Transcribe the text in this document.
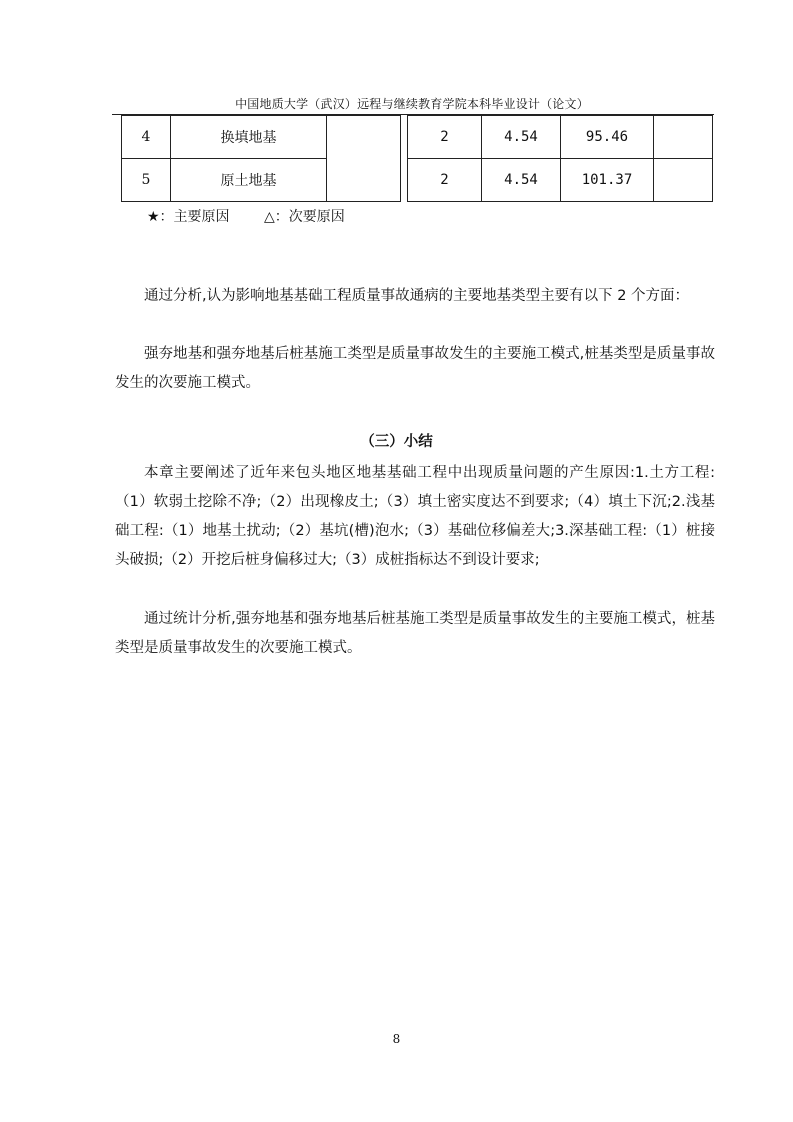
中国地质大学（武汉）远程与继续教育学院本科毕业设计（论文）
4	换填地基			2	4.54	95.46	
5	原土地基			2	4.54	101.37	
★：主要原因 △：次要原因

通过分析,认为影响地基基础工程质量事故通病的主要地基类型主要有以下 2 个方面：

强夯地基和强夯地基后桩基施工类型是质量事故发生的主要施工模式,桩基类型是质量事故发生的次要施工模式。

（三）小结

本章主要阐述了近年来包头地区地基基础工程中出现质量问题的产生原因:1.土方工程:（1）软弱土挖除不净;（2）出现橡皮土;（3）填土密实度达不到要求;（4）填土下沉;2.浅基础工程:（1）地基土扰动;（2）基坑(槽)泡水;（3）基础位移偏差大;3.深基础工程:（1）桩接头破损;（2）开挖后桩身偏移过大;（3）成桩指标达不到设计要求;

通过统计分析,强夯地基和强夯地基后桩基施工类型是质量事故发生的主要施工模式，桩基类型是质量事故发生的次要施工模式。

8
